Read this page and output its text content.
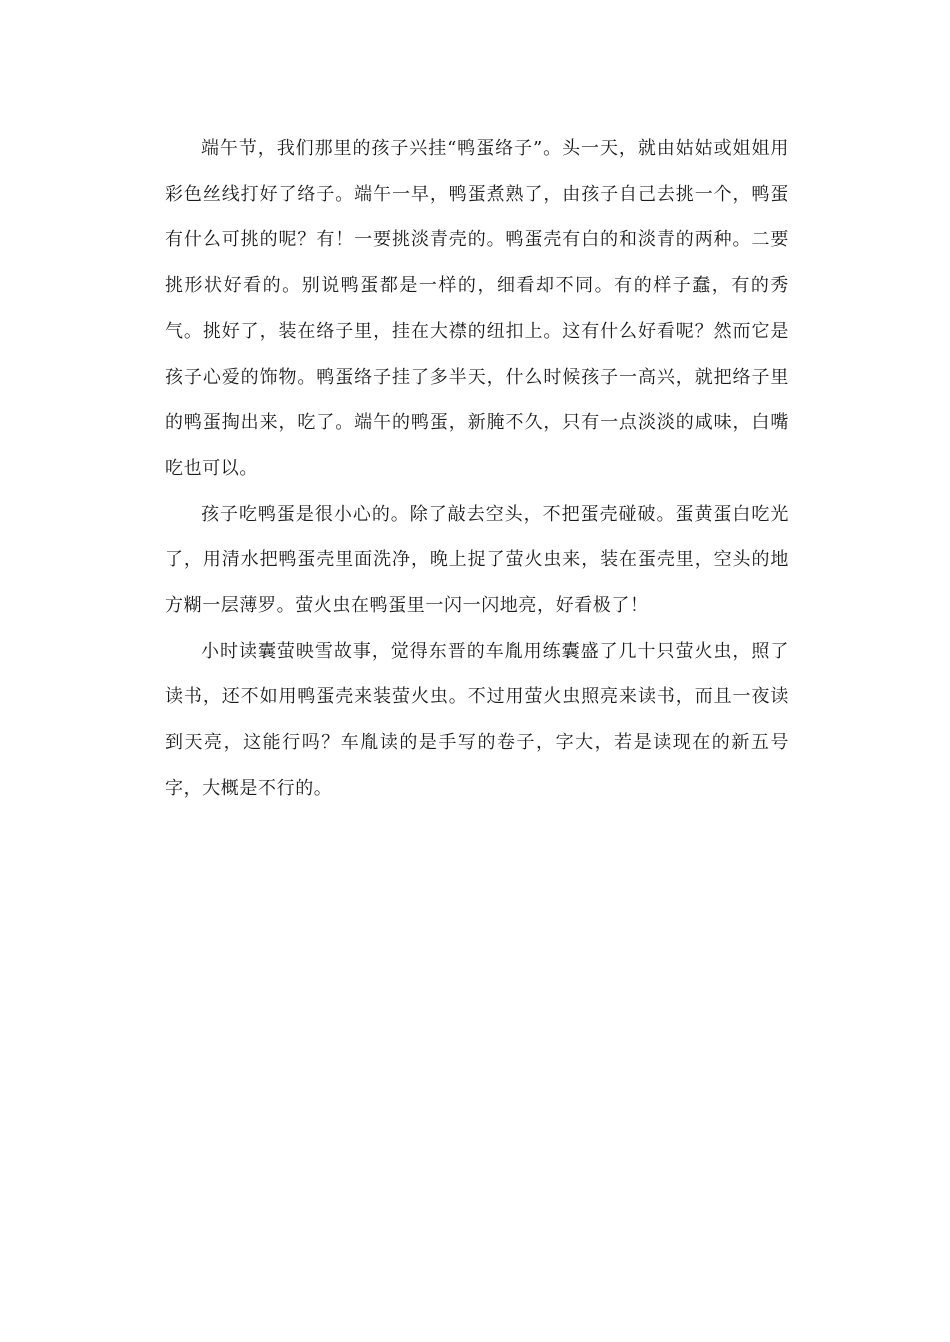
端午节，我们那里的孩子兴挂“鸭蛋络子”。头一天，就由姑姑或姐姐用彩色丝线打好了络子。端午一早，鸭蛋煮熟了，由孩子自己去挑一个，鸭蛋有什么可挑的呢？有！一要挑淡青壳的。鸭蛋壳有白的和淡青的两种。二要挑形状好看的。别说鸭蛋都是一样的，细看却不同。有的样子蠢，有的秀气。挑好了，装在络子里，挂在大襟的纽扣上。这有什么好看呢？然而它是孩子心爱的饰物。鸭蛋络子挂了多半天，什么时候孩子一高兴，就把络子里的鸭蛋掏出来，吃了。端午的鸭蛋，新腌不久，只有一点淡淡的咸味，白嘴吃也可以。

孩子吃鸭蛋是很小心的。除了敲去空头，不把蛋壳碰破。蛋黄蛋白吃光了，用清水把鸭蛋壳里面洗净，晚上捉了萤火虫来，装在蛋壳里，空头的地方糊一层薄罗。萤火虫在鸭蛋里一闪一闪地亮，好看极了！

小时读囊萤映雪故事，觉得东晋的车胤用练囊盛了几十只萤火虫，照了读书，还不如用鸭蛋壳来装萤火虫。不过用萤火虫照亮来读书，而且一夜读到天亮，这能行吗？车胤读的是手写的卷子，字大，若是读现在的新五号字，大概是不行的。
